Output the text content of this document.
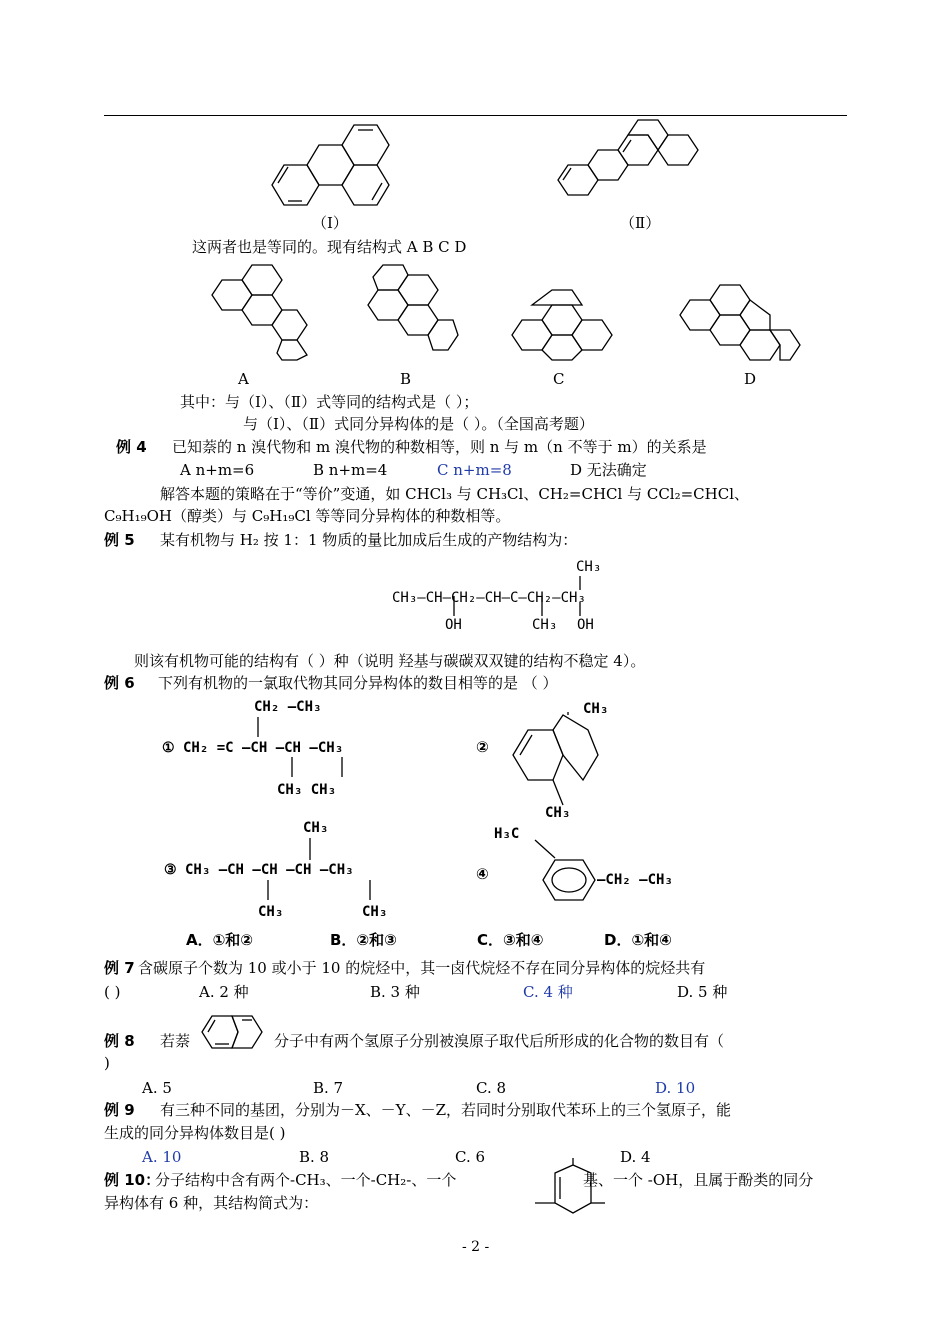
（Ⅰ）	（Ⅱ）
这两者也是等同的。现有结构式 A B C D
A	B	C	D
其中：与（Ⅰ）、（Ⅱ）式等同的结构式是（ ）；
与（Ⅰ）、（Ⅱ）式同分异构体的是（ ）。（全国高考题）
例 4 已知萘的 n 溴代物和 m 溴代物的种数相等，则 n 与 m（n 不等于 m）的关系是
A n+m=6	B n+m=4	C n+m=8	D 无法确定
解答本题的策略在于“等价”变通，如 CHCl₃ 与 CH₃Cl、CH₂=CHCl 与 CCl₂=CHCl、
C₉H₁₉OH（醇类）与 C₉H₁₉Cl 等等同分异构体的种数相等。
例 5 某有机物与 H₂ 按 1：1 物质的量比加成后生成的产物结构为：
CH₃
CH₃—CH—CH₂—CH—C—CH₂—CH₃
OH	CH₃ OH
则该有机物可能的结构有（ ）种（说明 羟基与碳碳双双键的结构不稳定 4）。
例 6 下列有机物的一氯取代物其同分异构体的数目相等的是 （ ）
CH₂ —CH₃
① CH₂ =C —CH —CH —CH₃
CH₃ CH₃
②
CH₃
CH₃
CH₃
③ CH₃ —CH —CH —CH —CH₃
CH₃	CH₃
④
H₃C
—CH₂ —CH₃
A．①和②	B．②和③	C．③和④	D．①和④
例 7 含碳原子个数为 10 或小于 10 的烷烃中，其一卤代烷烃不存在同分异构体的烷烃共有
( )	A. 2 种	B. 3 种	C. 4 种	D. 5 种
例 8 若萘	分子中有两个氢原子分别被溴原子取代后所形成的化合物的数目有（
)
A. 5	B. 7	C. 8	D. 10
例 9 有三种不同的基团，分别为－X、－Y、－Z，若同时分别取代苯环上的三个氢原子，能
生成的同分异构体数目是( )
A. 10	B. 8	C. 6	D. 4
例 10：
分子结构中含有两个-CH₃、一个-CH₂-、一个	基、一个 -OH，且属于酚类的同分
异构体有 6 种，其结构简式为：
- 2 -
